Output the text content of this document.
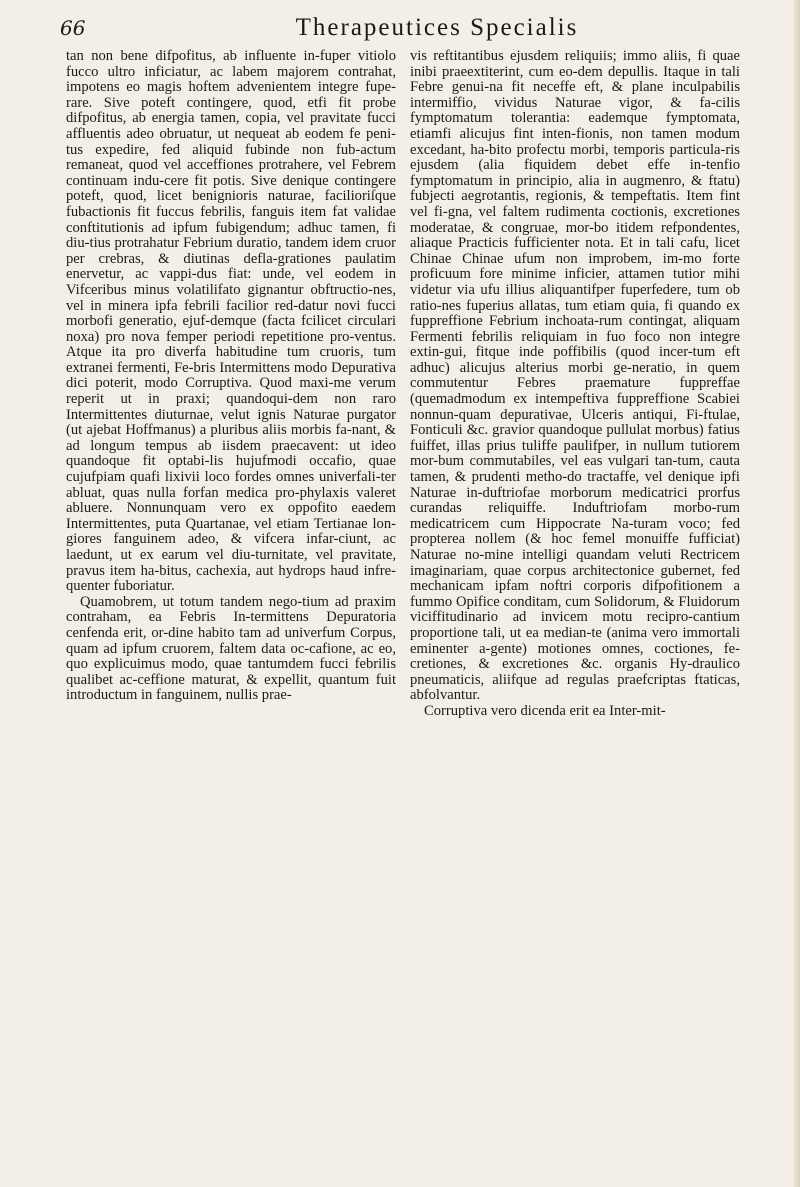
66	Therapeutices Specialis

tan non bene difpofitus, ab influente in-fuper vitiolo fucco ultro inficiatur, ac labem majorem contrahat, impotens eo magis hoftem advenientem integre fupe-rare. Sive poteft contingere, quod, etfi fit probe difpofitus, ab energia tamen, copia, vel pravitate fucci affluentis adeo obruatur, ut nequeat ab eodem fe peni-tus expedire, fed aliquid fubinde non fub-actum remaneat, quod vel acceffiones protrahere, vel Febrem continuam indu-cere fit potis. Sive denique contingere poteft, quod, licet benignioris naturae, facilioriſque fubactionis fit fuccus febrilis, fanguis item fat validae conftitutionis ad ipfum fubigendum; adhuc tamen, fi diu-tius protrahatur Febrium duratio, tandem idem cruor per crebras, & diutinas defla-grationes paulatim enervetur, ac vappi-dus fiat: unde, vel eodem in Vifceribus minus volatilifato gignantur obftructio-nes, vel in minera ipfa febrili facilior red-datur novi fucci morbofi generatio, ejuf-demque (facta fcilicet circulari noxa) pro nova femper periodi repetitione pro-ventus. Atque ita pro diverfa habitudine tum cruoris, tum extranei fermenti, Fe-bris Intermittens modo Depurativa dici poterit, modo Corruptiva. Quod maxi-me verum reperit ut in praxi; quandoqui-dem non raro Intermittentes diuturnae, velut ignis Naturae purgator (ut ajebat Hoffmanus) a pluribus aliis morbis fa-nant, & ad longum tempus ab iisdem praecavent: ut ideo quandoque fit optabi-lis hujufmodi occafio, quae cujufpiam quafi lixivii loco fordes omnes univerfali-ter abluat, quas nulla forfan medica pro-phylaxis valeret abluere. Nonnunquam vero ex oppofito eaedem Intermittentes, puta Quartanae, vel etiam Tertianae lon-giores fanguinem adeo, & vifcera infar-ciunt, ac laedunt, ut ex earum vel diu-turnitate, vel pravitate, pravus item ha-bitus, cachexia, aut hydrops haud infre-quenter fuboriatur.

Quamobrem, ut totum tandem nego-tium ad praxim contraham, ea Febris In-termittens Depuratoria cenfenda erit, or-dine habito tam ad univerfum Corpus, quam ad ipfum cruorem, faltem data oc-cafione, ac eo, quo explicuimus modo, quae tantumdem fucci febrilis qualibet ac-ceffione maturat, & expellit, quantum fuit introductum in fanguinem, nullis prae-

vis reftitantibus ejusdem reliquiis; immo aliis, fi quae inibi praeextiterint, cum eo-dem depullis. Itaque in tali Febre genui-na fit neceffe eft, & plane inculpabilis intermiffio, vividus Naturae vigor, & fa-cilis fymptomatum tolerantia: eademque fymptomata, etiamfi alicujus fint inten-fionis, non tamen modum excedant, ha-bito profectu morbi, temporis particula-ris ejusdem (alia fiquidem debet effe in-tenfio fymptomatum in principio, alia in augmenro, & ftatu) fubjecti aegrotantis, regionis, & tempeftatis. Item fint vel fi-gna, vel faltem rudimenta coctionis, excretiones moderatae, & congruae, mor-bo itidem refpondentes, aliaque Practicis fufficienter nota. Et in tali cafu, licet Chinae Chinae ufum non improbem, im-mo forte proficuum fore minime inficier, attamen tutior mihi videtur via ufu illius aliquantifper fuperfedere, tum ob ratio-nes fuperius allatas, tum etiam quia, fi quando ex fuppreffione Febrium inchoata-rum contingat, aliquam Fermenti febrilis reliquiam in fuo foco non integre extin-gui, fitque inde poffibilis (quod incer-tum eft adhuc) alicujus alterius morbi ge-neratio, in quem commutentur Febres praemature fuppreffae (quemadmodum ex intempeftiva fuppreffione Scabiei nonnun-quam depurativae, Ulceris antiqui, Fi-ftulae, Fonticuli &c. gravior quandoque pullulat morbus) fatius fuiffet, illas prius tuliffe paulifper, in nullum tutiorem mor-bum commutabiles, vel eas vulgari tan-tum, cauta tamen, & prudenti metho-do tractaffe, vel denique ipfi Naturae in-duftriofae morborum medicatrici prorfus curandas reliquiffe. Induftriofam morbo-rum medicatricem cum Hippocrate Na-turam voco; fed propterea nollem (& hoc femel monuiffe fufficiat) Naturae no-mine intelligi quandam veluti Rectricem imaginariam, quae corpus architectonice gubernet, fed mechanicam ipfam noftri corporis difpofitionem a fummo Opifice conditam, cum Solidorum, & Fluidorum viciffitudinario ad invicem motu recipro-cantium proportione tali, ut ea median-te (anima vero immortali eminenter a-gente) motiones omnes, coctiones, fe-cretiones, & excretiones &c. organis Hy-draulico pneumaticis, aliifque ad regulas praefcriptas ftaticas, abfolvantur.

Corruptiva vero dicenda erit ea Inter-mit-
